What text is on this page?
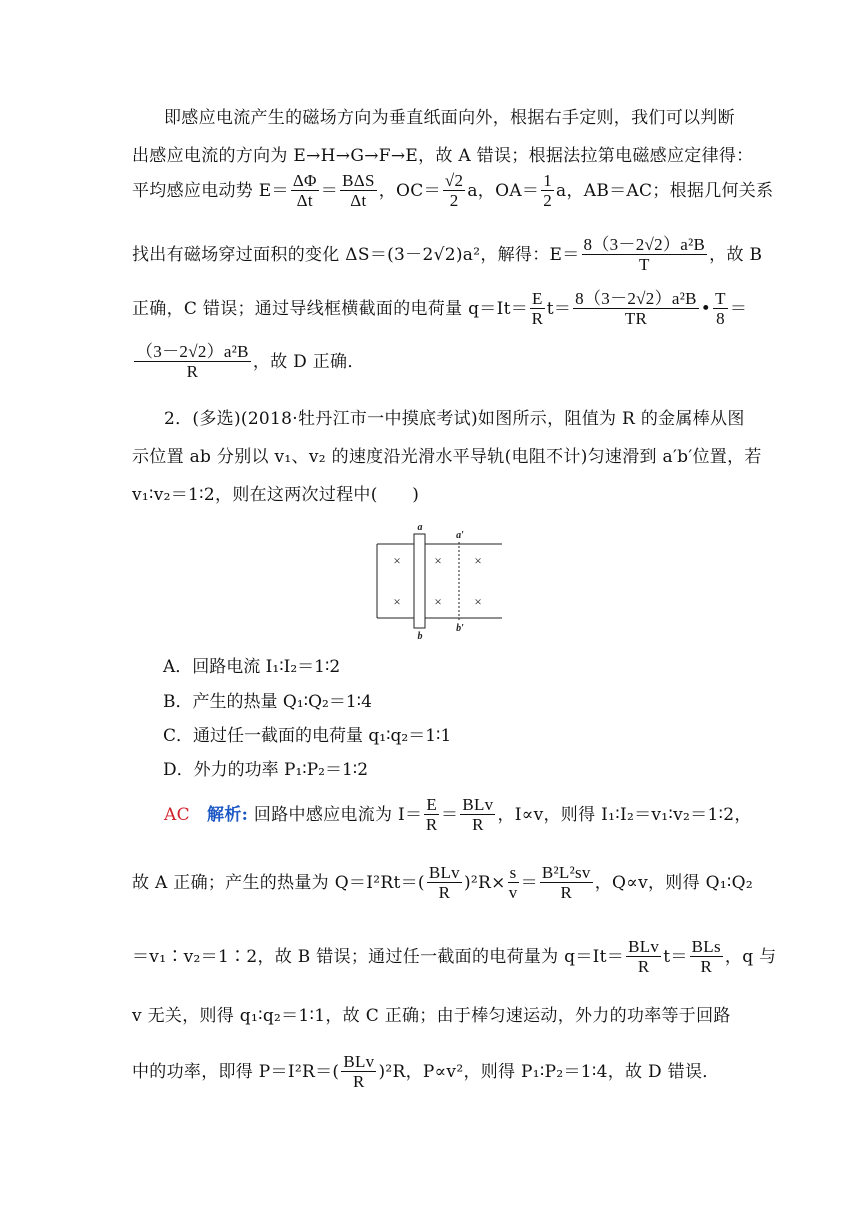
即感应电流产生的磁场方向为垂直纸面向外，根据右手定则，我们可以判断
出感应电流的方向为 E→H→G→F→E，故 A 错误；根据法拉第电磁感应定律得：
平均感应电动势 $E= \frac{\Delta\Phi}{\Delta t} = \frac{\text{BΔS}}{\Delta t}$ ，$OC= \frac{√2}{2}$ a，$OA= \frac{1}{2}$ a，AB＝AC；根据几何关系
找出有磁场穿过面积的变化 ΔS＝(3－2√2)a²，解得：$E= \frac{\text{8（3－2√2）a²B}}{T}$ ，故 B
正确，C 错误；通过导线框横截面的电荷量 $q=It= \frac{E}{R} t= \frac{\text{8（3－2√2）a²B}}{TR}$ • $\frac{T}{8}$ ＝
$\frac{\text{（3－2√2）a²B}}{R}$ ，故 D 正确．
2．(多选)(2018·牡丹江市一中摸底考试)如图所示，阻值为 R 的金属棒从图
示位置 ab 分别以 v₁、v₂ 的速度沿光滑水平导轨(电阻不计)匀速滑到 a′b′位置，若
v₁∶v₂＝1∶2，则在这两次过程中(　　)
×	×	×
×	×	×
a
b
a′
b′
A．回路电流 I₁∶I₂＝1∶2
B．产生的热量 Q₁∶Q₂＝1∶4
C．通过任一截面的电荷量 q₁∶q₂＝1∶1
D．外力的功率 P₁∶P₂＝1∶2
AC 解析: 回路中感应电流为 $I= \frac{E}{R} = \frac{\text{BLv}}{R}$ ，I∝v，则得 I₁∶I₂＝v₁∶v₂＝1∶2，
故 A 正确；产生的热量为 $Q=I^2Rt=( \frac{\text{BLv}}{R} )^2R\times \frac{s}{v} = \frac{\text{B²L²sv}}{R}$ ，Q∝v，则得 Q₁∶Q₂
＝v₁∶v₂＝1∶2，故 B 错误；通过任一截面的电荷量为 $q=It= \frac{\text{BLv}}{R} t= \frac{\text{BLs}}{R}$ ，q 与
v 无关，则得 q₁∶q₂＝1∶1，故 C 正确；由于棒匀速运动，外力的功率等于回路
中的功率，即得 $P=I^2R=( \frac{\text{BLv}}{R} )^2R$，P∝v²，则得 P₁∶P₂＝1∶4，故 D 错误．
